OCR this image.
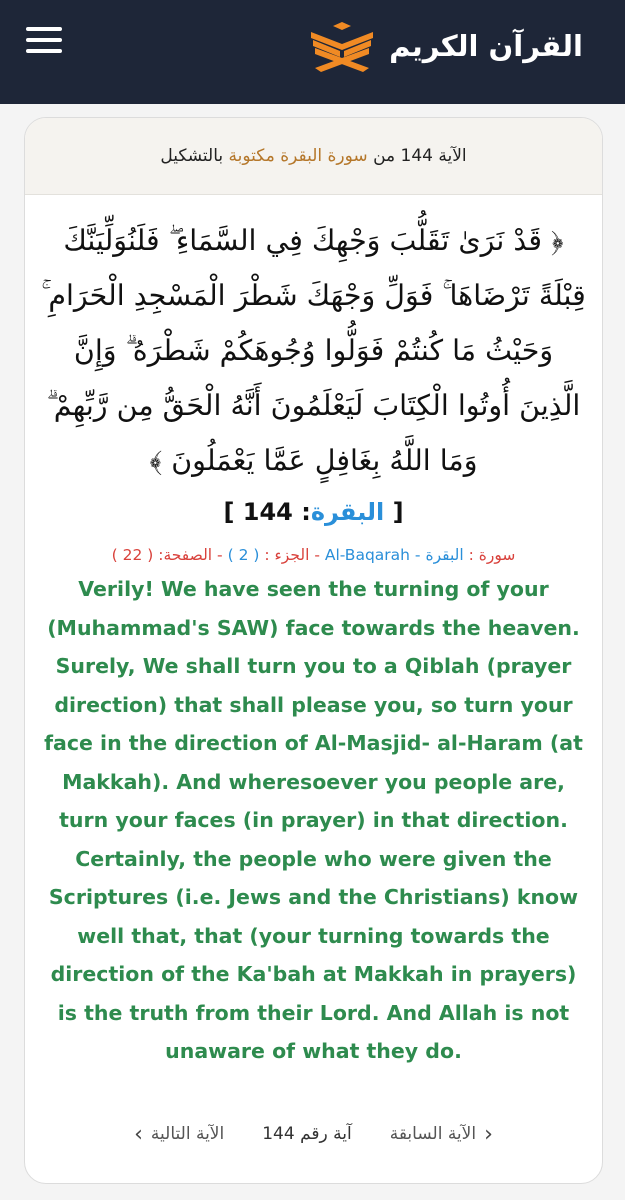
القرآن الكريم
الآية 144 من

سورة البقرة مكتوبة

بالتشكيل
﴿ قَدْ نَرَىٰ تَقَلُّبَ وَجْهِكَ فِي السَّمَاءِ ۖ فَلَنُوَلِّيَنَّكَ قِبْلَةً تَرْضَاهَا ۚ فَوَلِّ وَجْهَكَ شَطْرَ الْمَسْجِدِ الْحَرَامِ ۚ وَحَيْثُ مَا كُنتُمْ فَوَلُّوا وُجُوهَكُمْ شَطْرَهُ ۗ وَإِنَّ الَّذِينَ أُوتُوا الْكِتَابَ لَيَعْلَمُونَ أَنَّهُ الْحَقُّ مِن رَّبِّهِمْ ۗ وَمَا اللَّهُ بِغَافِلٍ عَمَّا يَعْمَلُونَ ﴾
[ البقرة: 144 ]
سورة : البقرة - Al-Baqarah - الجزء : ( 2 ) - الصفحة: ( 22 )
Verily! We have seen the turning of your (Muhammad's SAW) face towards the heaven. Surely, We shall turn you to a Qiblah (prayer direction) that shall please you, so turn your face in the direction of Al-Masjid- al-Haram (at Makkah). And wheresoever you people are, turn your faces (in prayer) in that direction. Certainly, the people who were given the Scriptures (i.e. Jews and the Christians) know well that, that (your turning towards the direction of the Ka'bah at Makkah in prayers) is the truth from their Lord. And Allah is not unaware of what they do.
‹
الآية السابقة
آية رقم 144
الآية التالية
›
